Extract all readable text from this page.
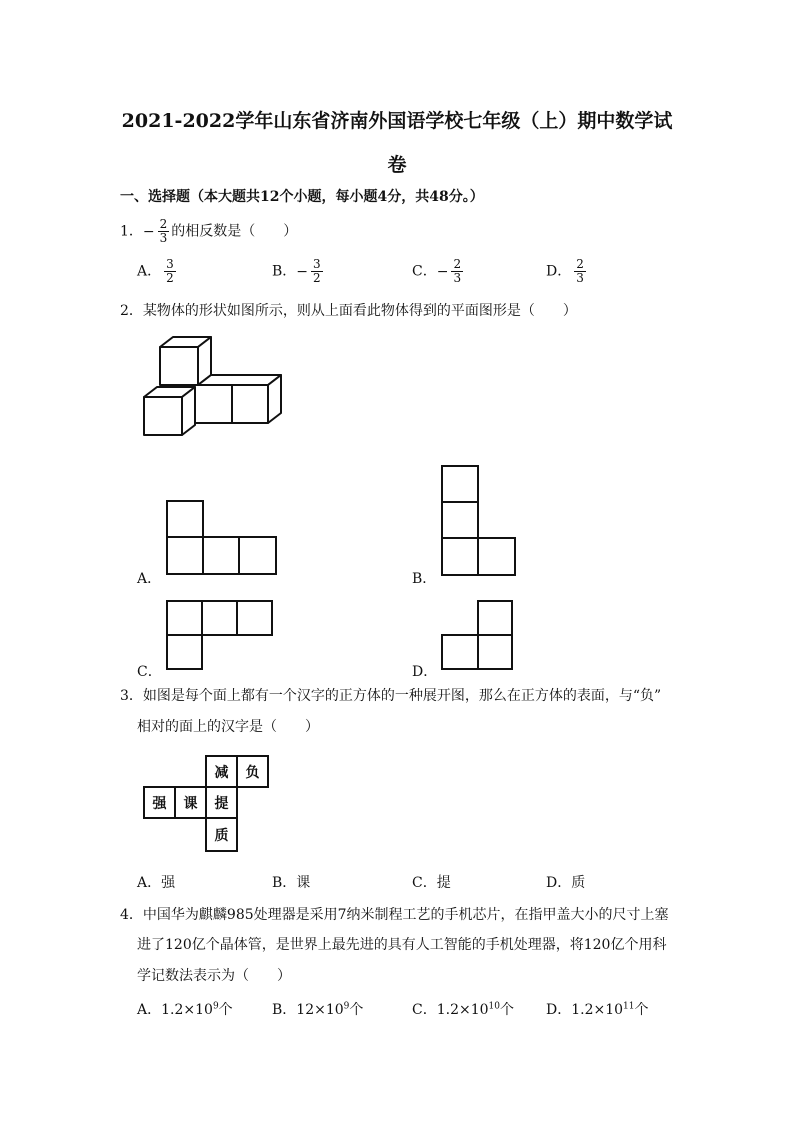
2021-2022学年山东省济南外国语学校七年级（上）期中数学试
卷
一、选择题（本大题共12个小题，每小题4分，共48分。）
1．− $\frac{2}{3}$ 的相反数是（　　）
A． $\frac{3}{2}$	B．− $\frac{3}{2}$	C．− $\frac{2}{3}$	D． $\frac{2}{3}$
2．某物体的形状如图所示，则从上面看此物体得到的平面图形是（　　）
A．	B．
C．	D．
3．如图是每个面上都有一个汉字的正方体的一种展开图，那么在正方体的表面，与“负”
相对的面上的汉字是（　　）
减 负
强 课 提
质
A．强	B．课	C．提	D．质
4．中国华为麒麟985处理器是采用7纳米制程工艺的手机芯片，在指甲盖大小的尺寸上塞
进了120亿个晶体管，是世界上最先进的具有人工智能的手机处理器，将120亿个用科
学记数法表示为（　　）
A．$1.2\times 10^9$个	B．$12\times 10^9$个	C．$1.2\times 10^{10}$个 D．$1.2\times 10^{11}$个
